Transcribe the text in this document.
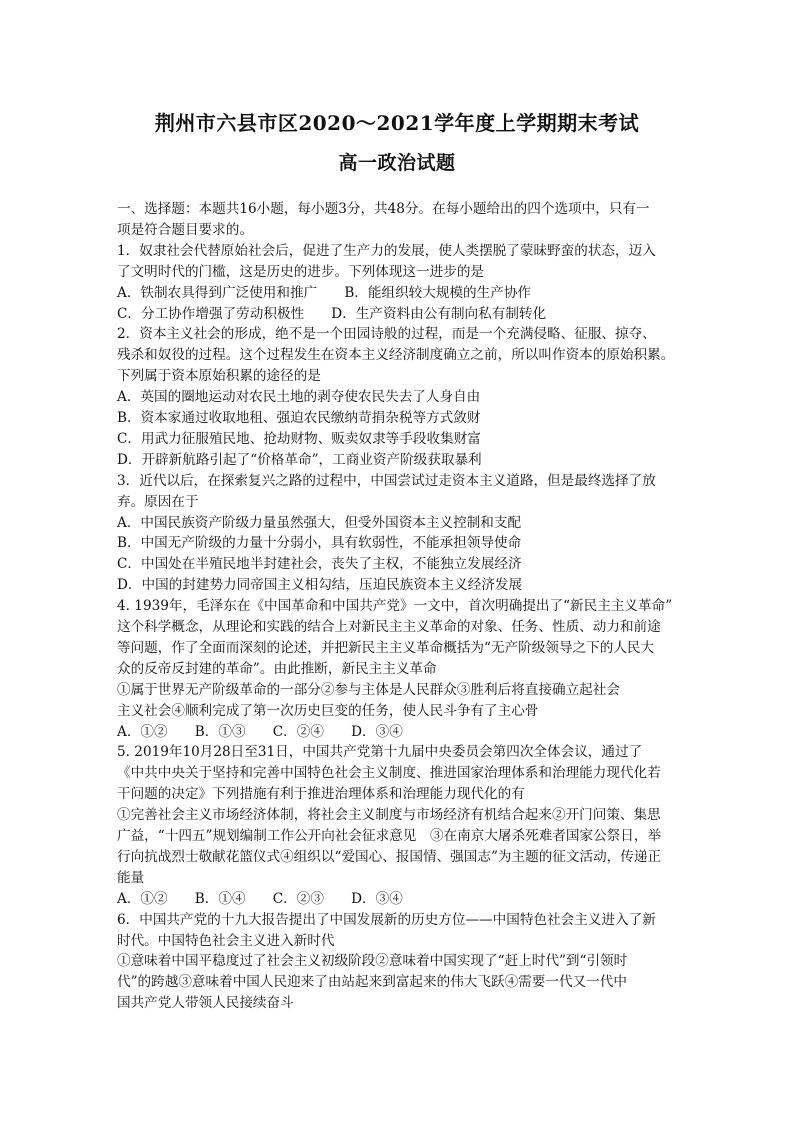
荆州市六县市区2020～2021学年度上学期期末考试
高一政治试题
一、选择题：本题共16小题，每小题3分，共48分。在每小题给出的四个选项中，只有一
项是符合题目要求的。
1．奴隶社会代替原始社会后，促进了生产力的发展，使人类摆脱了蒙昧野蛮的状态，迈入
了文明时代的门槛，这是历史的进步。下列体现这一进步的是
A．铁制农具得到广泛使用和推广　　B．能组织较大规模的生产协作
C．分工协作增强了劳动积极性　　D．生产资料由公有制向私有制转化
2．资本主义社会的形成，绝不是一个田园诗般的过程，而是一个充满侵略、征服、掠夺、
残杀和奴役的过程。这个过程发生在资本主义经济制度确立之前，所以叫作资本的原始积累。
下列属于资本原始积累的途径的是
A．英国的圈地运动对农民土地的剥夺使农民失去了人身自由
B．资本家通过收取地租、强迫农民缴纳苛捐杂税等方式敛财
C．用武力征服殖民地、抢劫财物、贩卖奴隶等手段收集财富
D．开辟新航路引起了“价格革命”，工商业资产阶级获取暴利
3．近代以后，在探索复兴之路的过程中，中国尝试过走资本主义道路，但是最终选择了放
弃。原因在于
A．中国民族资产阶级力量虽然强大，但受外国资本主义控制和支配
B．中国无产阶级的力量十分弱小，具有软弱性，不能承担领导使命
C．中国处在半殖民地半封建社会，丧失了主权，不能独立发展经济
D．中国的封建势力同帝国主义相勾结，压迫民族资本主义经济发展
4. 1939年，毛泽东在《中国革命和中国共产党》一文中，首次明确提出了“新民主主义革命”
这个科学概念，从理论和实践的结合上对新民主主义革命的对象、任务、性质、动力和前途
等问题，作了全面而深刻的论述，并把新民主主义革命概括为“无产阶级领导之下的人民大
众的反帝反封建的革命”。由此推断，新民主主义革命
①属于世界无产阶级革命的一部分②参与主体是人民群众③胜利后将直接确立起社会
主义社会④顺利完成了第一次历史巨变的任务，使人民斗争有了主心骨
A．①②　　B．①③　　C．②④　　D．③④
5. 2019年10月28日至31日，中国共产党第十九届中央委员会第四次全体会议，通过了
《中共中央关于坚持和完善中国特色社会主义制度、推进国家治理体系和治理能力现代化若
干问题的决定》下列措施有利于推进治理体系和治理能力现代化的有
①完善社会主义市场经济体制，将社会主义制度与市场经济有机结合起来②开门问策、集思
广益，“十四五”规划编制工作公开向社会征求意见　③在南京大屠杀死难者国家公祭日，举
行向抗战烈士敬献花篮仪式④组织以“爱国心、报国情、强国志”为主题的征文活动，传递正
能量
A．①②　　B．①④　　C．②③　　D．③④
6．中国共产党的十九大报告提出了中国发展新的历史方位——中国特色社会主义进入了新
时代。中国特色社会主义进入新时代
①意味着中国平稳度过了社会主义初级阶段②意味着中国实现了“赶上时代”到“引领时
代”的跨越③意味着中国人民迎来了由站起来到富起来的伟大飞跃④需要一代又一代中
国共产党人带领人民接续奋斗
